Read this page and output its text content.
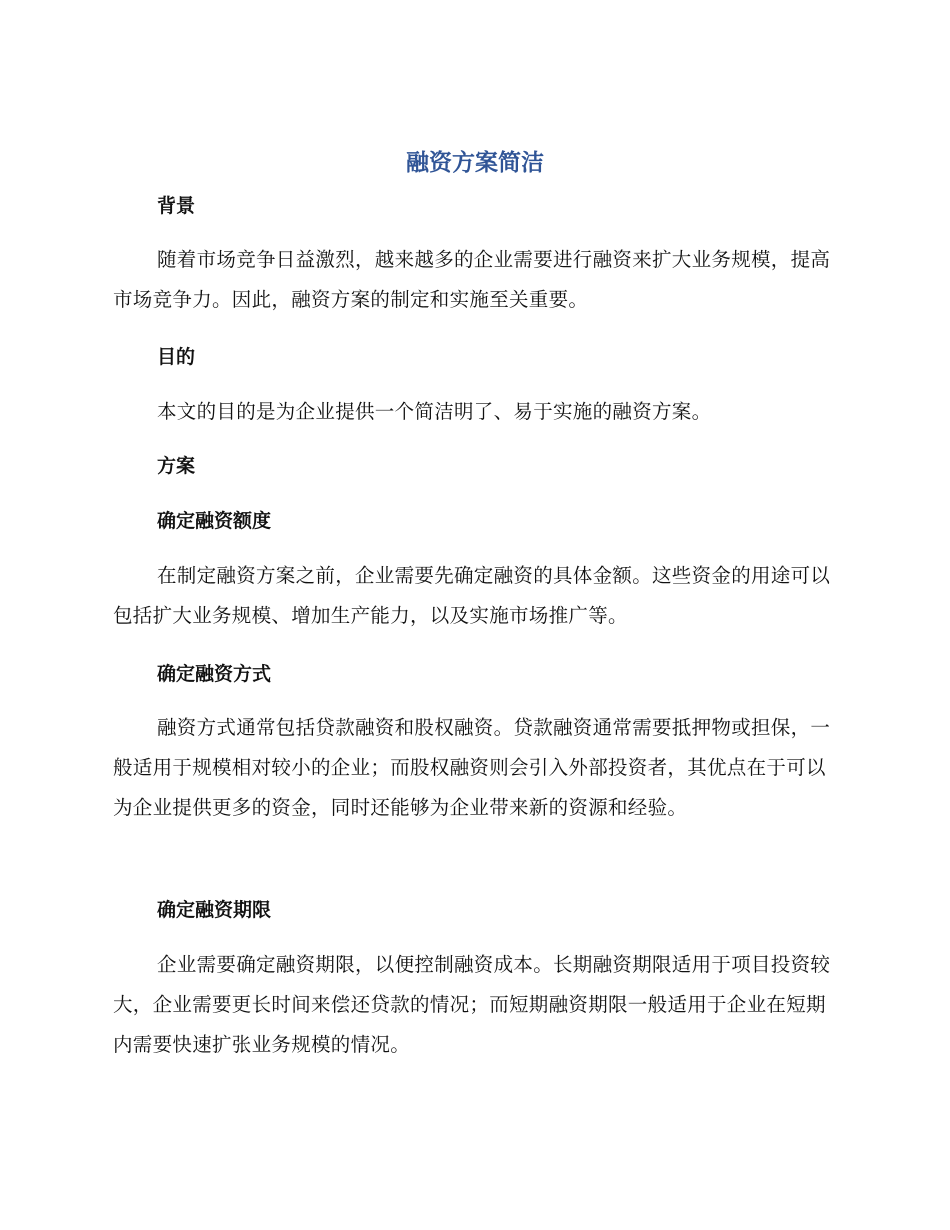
融资方案简洁
背景
随着市场竞争日益激烈，越来越多的企业需要进行融资来扩大业务规模，提高市场竞争力。因此，融资方案的制定和实施至关重要。
目的
本文的目的是为企业提供一个简洁明了、易于实施的融资方案。
方案
确定融资额度
在制定融资方案之前，企业需要先确定融资的具体金额。这些资金的用途可以包括扩大业务规模、增加生产能力，以及实施市场推广等。
确定融资方式
融资方式通常包括贷款融资和股权融资。贷款融资通常需要抵押物或担保，一般适用于规模相对较小的企业；而股权融资则会引入外部投资者，其优点在于可以为企业提供更多的资金，同时还能够为企业带来新的资源和经验。
确定融资期限
企业需要确定融资期限，以便控制融资成本。长期融资期限适用于项目投资较大，企业需要更长时间来偿还贷款的情况；而短期融资期限一般适用于企业在短期内需要快速扩张业务规模的情况。
